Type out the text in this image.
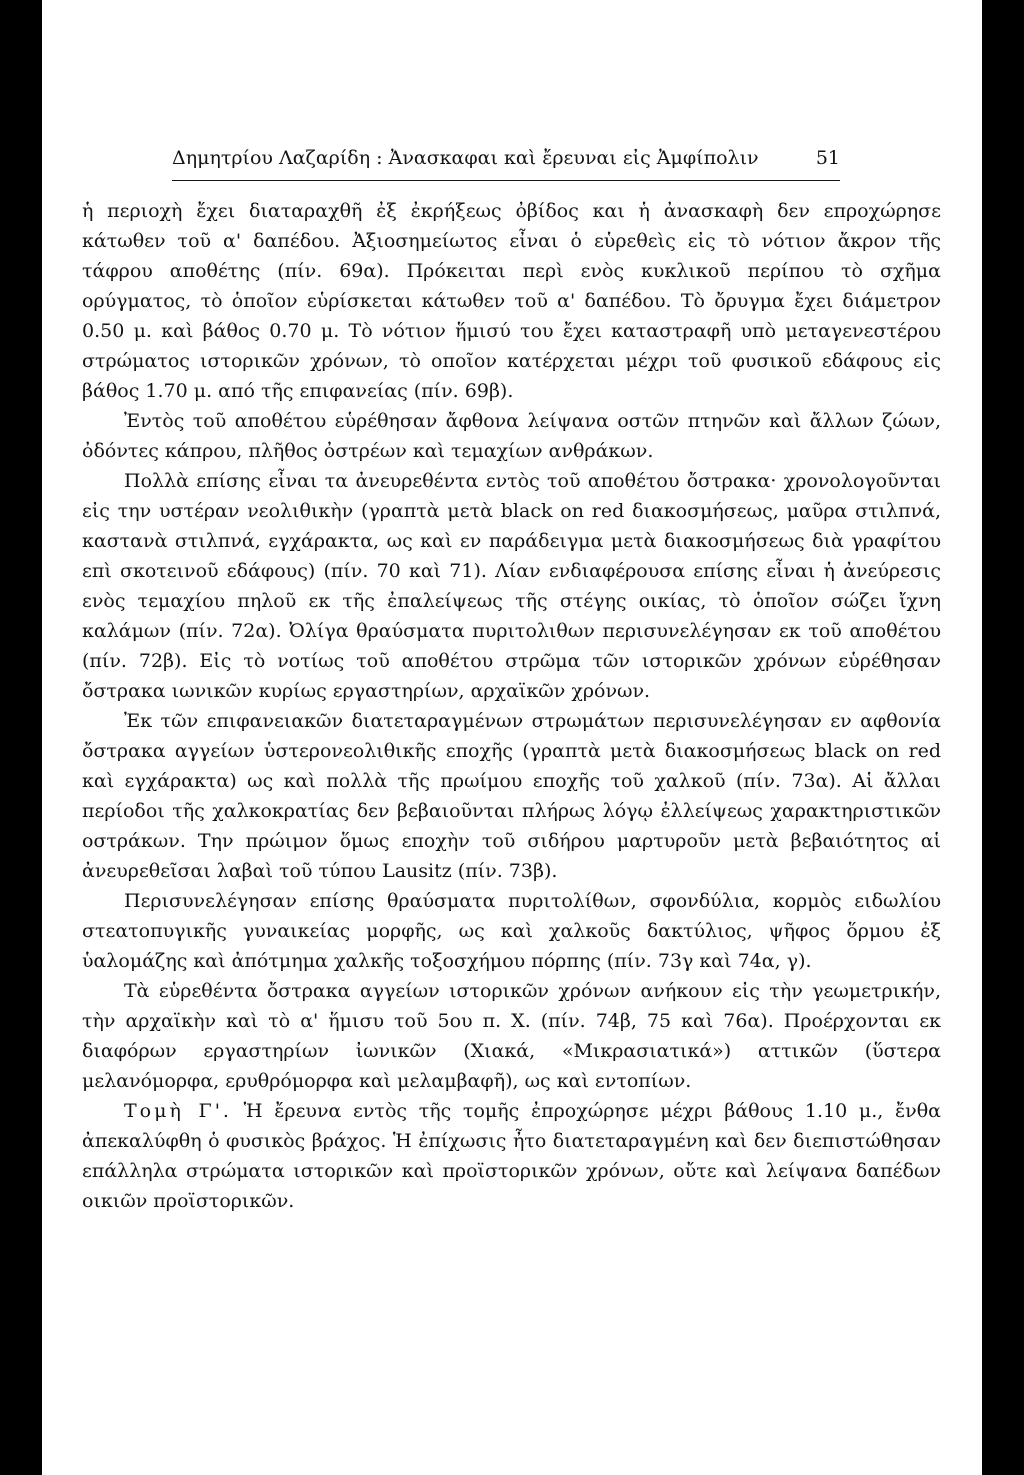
Δημητρίου Λαζαρίδη : Ἀνασκαφαι καὶ ἔρευναι εἰς Ἀμφίπολιν	51

ἡ περιοχὴ ἔχει διαταραχθῆ ἐξ ἐκρήξεως ὀβίδος και ἡ ἀνασκαφὴ δεν επροχώρησε κάτωθεν τοῦ α' δαπέδου. Ἀξιοσημείωτος εἶναι ὁ εὑρεθεὶς εἰς τὸ νότιον ἄκρον τῆς τάφρου αποθέτης (πίν. 69α). Πρόκειται περὶ ενὸς κυκλικοῦ περίπου τὸ σχῆμα ορύγματος, τὸ ὁποῖον εὑρίσκεται κάτωθεν τοῦ α' δαπέδου. Τὸ ὄρυγμα ἔχει διάμετρον 0.50 μ. καὶ βάθος 0.70 μ. Τὸ νότιον ἥμισύ του ἔχει καταστραφῆ υπὸ μεταγενεστέρου στρώματος ιστορικῶν χρόνων, τὸ οποῖον κατέρχεται μέχρι τοῦ φυσικοῦ εδάφους εἰς βάθος 1.70 μ. από τῆς επιφανείας (πίν. 69β).

Ἐντὸς τοῦ αποθέτου εὑρέθησαν ἄφθονα λείψανα οστῶν πτηνῶν καὶ ἄλλων ζώων, ὀδόντες κάπρου, πλῆθος ὀστρέων καὶ τεμαχίων ανθράκων.

Πολλὰ επίσης εἶναι τα ἀνευρεθέντα εντὸς τοῦ αποθέτου ὄστρακα· χρονολογοῦνται εἰς την υστέραν νεολιθικὴν (γραπτὰ μετὰ black on red διακοσμήσεως, μαῦρα στιλπνά, καστανὰ στιλπνά, εγχάρακτα, ως καὶ εν παράδειγμα μετὰ διακοσμήσεως διὰ γραφίτου επὶ σκοτεινοῦ εδάφους) (πίν. 70 καὶ 71). Λίαν ενδιαφέρουσα επίσης εἶναι ἡ ἀνεύρεσις ενὸς τεμαχίου πηλοῦ εκ τῆς ἐπαλείψεως τῆς στέγης οικίας, τὸ ὁποῖον σώζει ἴχνη καλάμων (πίν. 72α). Ὀλίγα θραύσματα πυριτολιθων περισυνελέγησαν εκ τοῦ αποθέτου (πίν. 72β). Εἰς τὸ νοτίως τοῦ αποθέτου στρῶμα τῶν ιστορικῶν χρόνων εὑρέθησαν ὄστρακα ιωνικῶν κυρίως εργαστηρίων, αρχαϊκῶν χρόνων.

Ἐκ τῶν επιφανειακῶν διατεταραγμένων στρωμάτων περισυνελέγησαν εν αφθονία ὄστρακα αγγείων ὑστερονεολιθικῆς εποχῆς (γραπτὰ μετὰ διακοσμήσεως black on red καὶ εγχάρακτα) ως καὶ πολλὰ τῆς πρωίμου εποχῆς τοῦ χαλκοῦ (πίν. 73α). Αἱ ἄλλαι περίοδοι τῆς χαλκοκρατίας δεν βεβαιοῦνται πλήρως λόγῳ ἐλλείψεως χαρακτηριστικῶν οστράκων. Την πρώιμον ὅμως εποχὴν τοῦ σιδήρου μαρτυροῦν μετὰ βεβαιότητος αἱ ἀνευρεθεῖσαι λαβαὶ τοῦ τύπου Lausitz (πίν. 73β).

Περισυνελέγησαν επίσης θραύσματα πυριτολίθων, σφονδύλια, κορμὸς ειδωλίου στεατοπυγικῆς γυναικείας μορφῆς, ως καὶ χαλκοῦς δακτύλιος, ψῆφος ὅρμου ἐξ ὑαλομάζης καὶ ἀπότμημα χαλκῆς τοξοσχήμου πόρπης (πίν. 73γ καὶ 74α, γ).

Τὰ εὑρεθέντα ὄστρακα αγγείων ιστορικῶν χρόνων ανήκουν εἰς τὴν γεωμετρικήν, τὴν αρχαϊκὴν καὶ τὸ α' ἥμισυ τοῦ 5ου π. Χ. (πίν. 74β, 75 καὶ 76α). Προέρχονται εκ διαφόρων εργαστηρίων ἰωνικῶν (Χιακά, «Μικρασιατικά») αττικῶν (ὕστερα μελανόμορφα, ερυθρόμορφα καὶ μελαμβαφῆ), ως καὶ εντοπίων.

Τομὴ Γ'. Ἡ ἔρευνα εντὸς τῆς τομῆς ἐπροχώρησε μέχρι βάθους 1.10 μ., ἔνθα ἀπεκαλύφθη ὁ φυσικὸς βράχος. Ἡ ἐπίχωσις ἦτο διατεταραγμένη καὶ δεν διεπιστώθησαν επάλληλα στρώματα ιστορικῶν καὶ προϊστορικῶν χρόνων, οὔτε καὶ λείψανα δαπέδων οικιῶν προϊστορικῶν.
